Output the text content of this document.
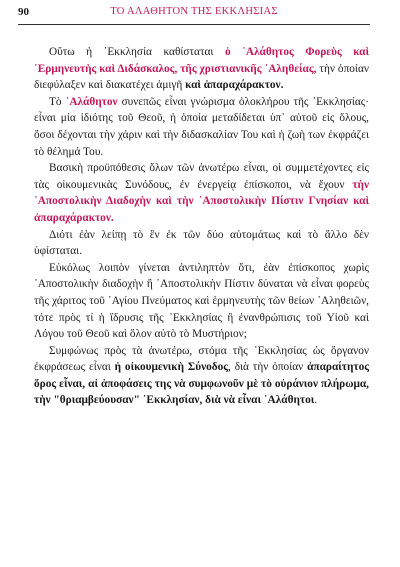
90	ΤΟ ΑΛΑΘΗΤΟΝ ΤΗΣ ΕΚΚΛΗΣΙΑΣ

Οὕτω ἡ ᾿Εκκλησία καθίσταται ὁ ᾿Αλάθητος Φορεὺς καὶ ῾Ερμηνευτὴς καὶ Διδάσκαλος, τῆς χριστιανικῆς ᾿Αληθείας, τὴν ὁποίαν διεφύλαξεν καὶ διακατέχει ἀμιγῆ καὶ ἀπαραχάρακτον.

Τὸ ᾿Αλάθητον συνεπῶς εἶναι γνώρισμα ὁλοκλήρου τῆς ᾿Εκκλησίας· εἶναι μία ἰδιότης τοῦ Θεοῦ, ἡ ὁποία μεταδίδεται ὑπ᾿ αὐτοῦ εἰς ὅλους, ὅσοι δέχονται τὴν χάριν καὶ τὴν διδασκαλίαν Του καὶ ἡ ζωὴ των ἐκφράζει τὸ θέλημά Του.

Βασικὴ προϋπόθεσις ὅλων τῶν ἀνωτέρω εἶναι, οἱ συμμετέχοντες εἰς τὰς οἰκουμενικὰς Συνόδους, ἐν ἐνεργείᾳ ἐπίσκοποι, νὰ ἔχουν τὴν ᾿Αποστολικὴν Διαδοχὴν καὶ τὴν ᾿Αποστολικὴν Πίστιν Γνησίαν καὶ ἀπαραχάρακτον.

Διότι ἐὰν λείπῃ τὸ ἓν ἐκ τῶν δύο αὐτομάτως καὶ τὸ ἄλλο δὲν ὑφίσταται.

Εὐκόλως λοιπὸν γίνεται ἀντιληπτὸν ὅτι, ἐὰν ἐπίσκοπος χωρὶς ᾿Αποστολικὴν διαδοχὴν ἢ ᾿Αποστολικὴν Πίστιν δύναται νὰ εἶναι φορεὺς τῆς χάριτος τοῦ ῾Αγίου Πνεύματος καὶ ἑρμηνευτὴς τῶν θείων ᾿Αληθειῶν, τότε πρὸς τί ἡ ἵδρυσις τῆς ᾿Εκκλησίας ἢ ἐνανθρώπισις τοῦ Υἱοῦ καὶ Λόγου τοῦ Θεοῦ καὶ ὅλον αὐτὸ τὸ Μυστήριον;

Συμφώνως πρὸς τὰ ἀνωτέρω, στόμα τῆς ᾿Εκκλησίας ὡς ὄργανον ἐκφράσεως εἶναι ἡ οἰκουμενικὴ Σύνοδος, διὰ τὴν ὁποίαν ἀπαραίτητος ὅρος εἶναι, αἱ ἀποφάσεις της νὰ συμφωνοῦν μὲ τὸ οὐράνιον πλήρωμα, τὴν "θριαμβεύουσαν" ᾿Εκκλησίαν, διὰ νὰ εἶναι ᾿Αλάθητοι.
